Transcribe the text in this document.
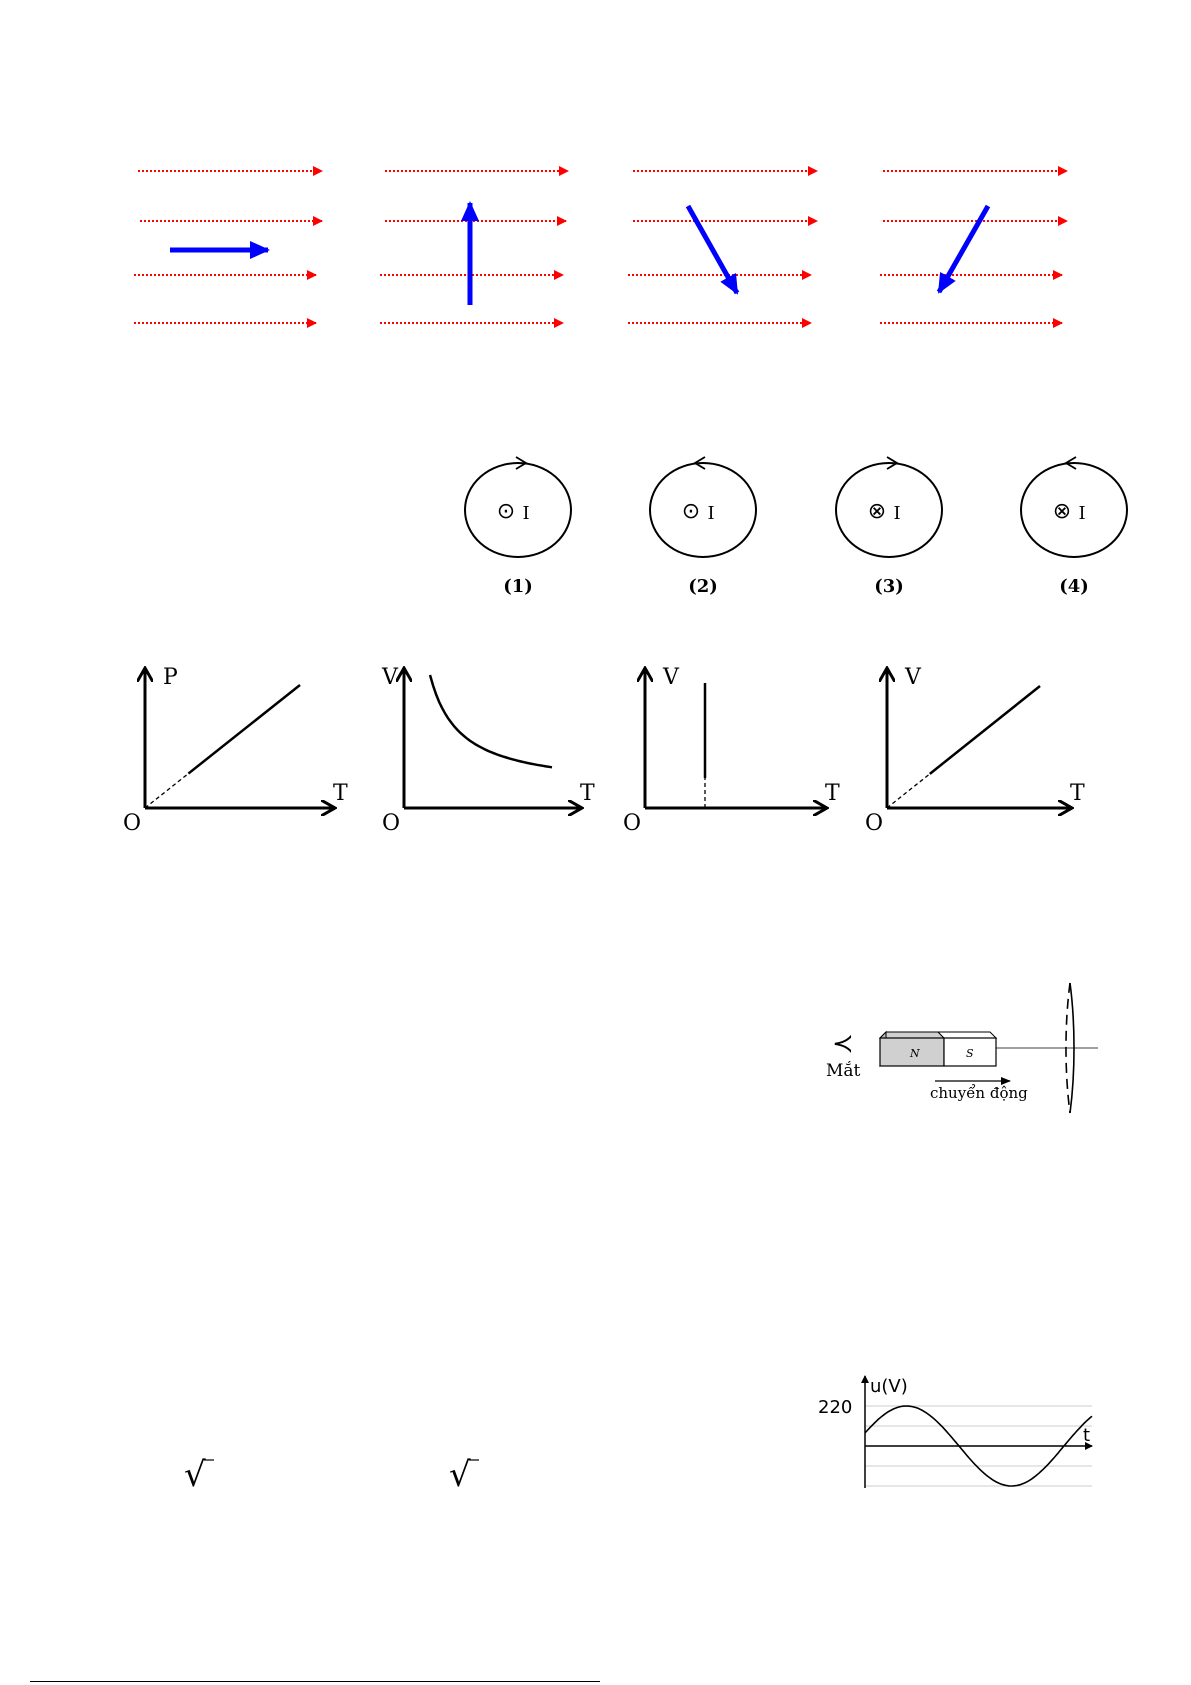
⊙ I
(1)
⊙ I
(2)
⊗ I
(3)
⊗ I
(4)
P
T
O
V
T
O
V
T
O
V
T
O
≺
Mắt
N	S
chuyển động
u(V)
t
220
√	√
